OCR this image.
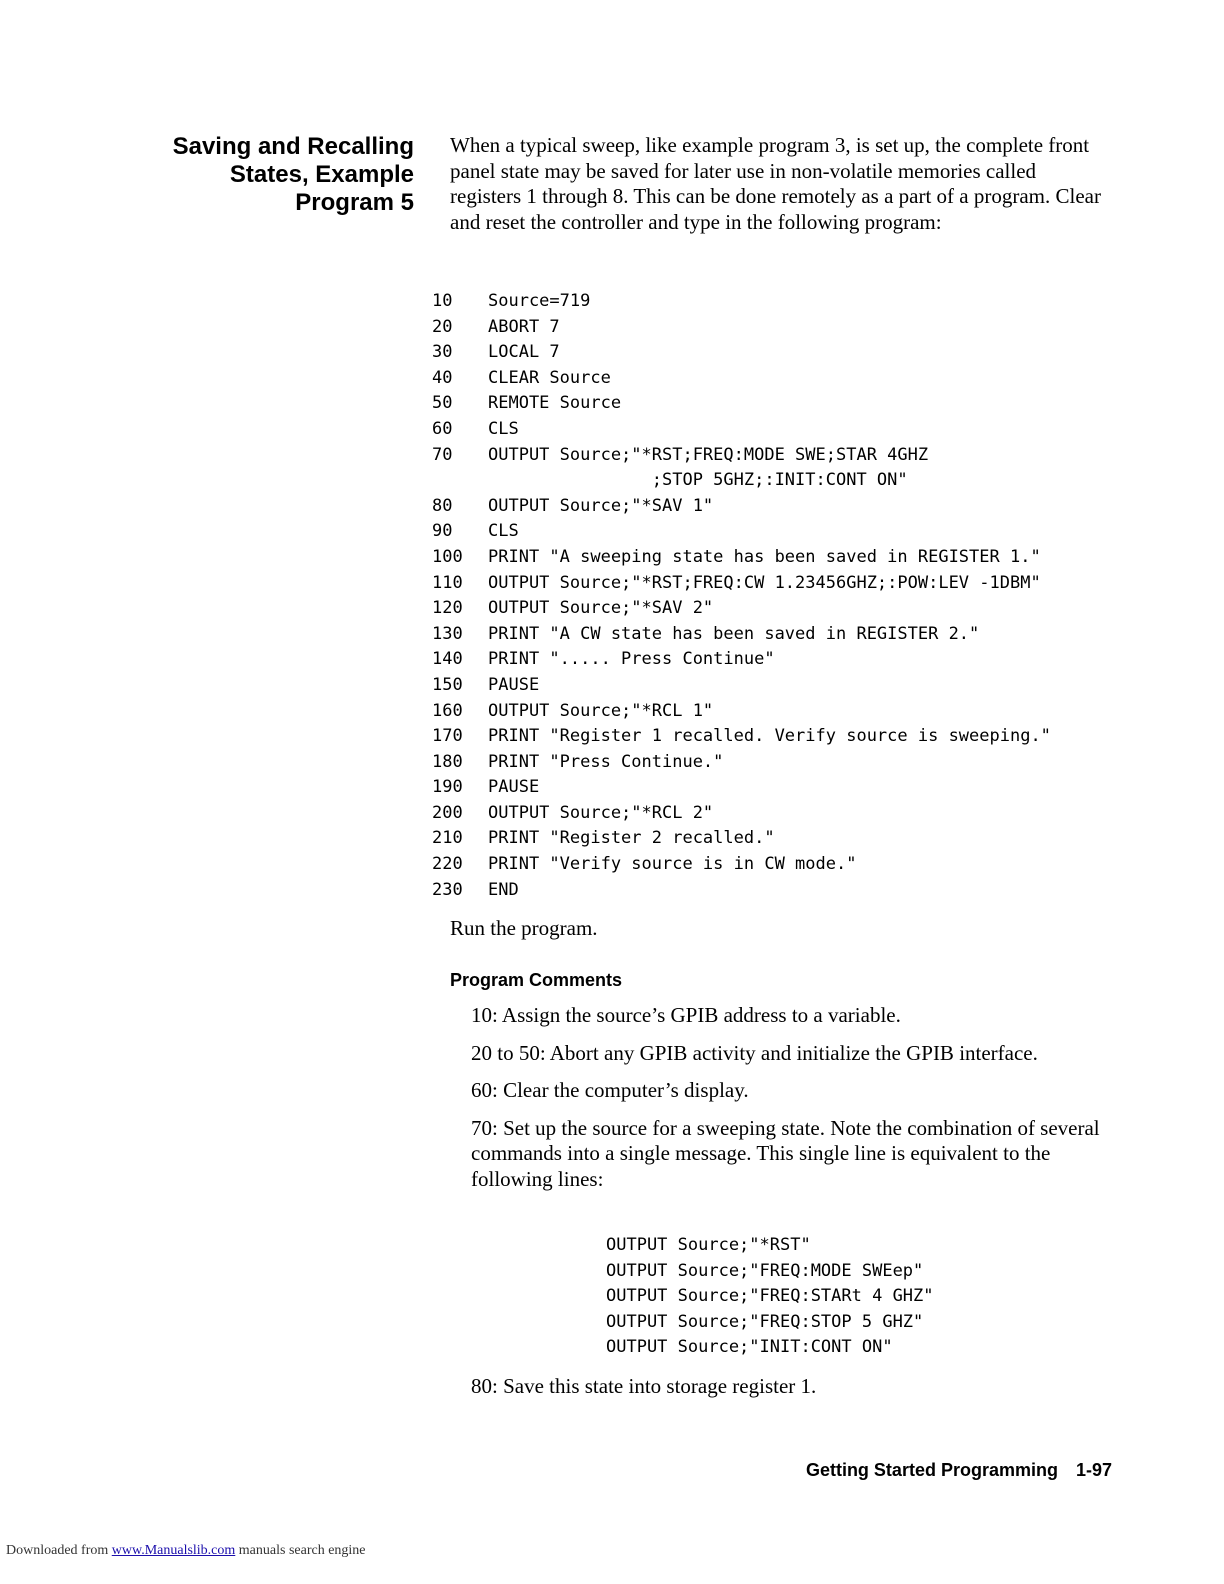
Saving and Recalling
States, Example
Program 5

When a typical sweep, like example program 3, is set up, the complete front panel state may be saved for later use in non-volatile memories called registers 1 through 8. This can be done remotely as a part of a program. Clear and reset the controller and type in the following program:

10	Source=719
20	ABORT 7
30	LOCAL 7
40	CLEAR Source
50	REMOTE Source
60	CLS
70	OUTPUT Source;"*RST;FREQ:MODE SWE;STAR 4GHZ
;STOP 5GHZ;:INIT:CONT ON"
80	OUTPUT Source;"*SAV 1"
90	CLS
100	PRINT "A sweeping state has been saved in REGISTER 1."
110	OUTPUT Source;"*RST;FREQ:CW 1.23456GHZ;:POW:LEV -1DBM"
120	OUTPUT Source;"*SAV 2"
130	PRINT "A CW state has been saved in REGISTER 2."
140	PRINT "..... Press Continue"
150	PAUSE
160	OUTPUT Source;"*RCL 1"
170	PRINT "Register 1 recalled. Verify source is sweeping."
180	PRINT "Press Continue."
190	PAUSE
200	OUTPUT Source;"*RCL 2"
210	PRINT "Register 2 recalled."
220	PRINT "Verify source is in CW mode."
230	END

Run the program.

Program Comments

10: Assign the source’s GPIB address to a variable.

20 to 50: Abort any GPIB activity and initialize the GPIB interface.

60: Clear the computer’s display.

70: Set up the source for a sweeping state. Note the combination of several commands into a single message. This single line is equivalent to the following lines:

OUTPUT Source;"*RST"
OUTPUT Source;"FREQ:MODE SWEep"
OUTPUT Source;"FREQ:STARt 4 GHZ"
OUTPUT Source;"FREQ:STOP 5 GHZ"
OUTPUT Source;"INIT:CONT ON"

80: Save this state into storage register 1.

Getting Started Programming 1-97
Downloaded from www.Manualslib.com manuals search engine
